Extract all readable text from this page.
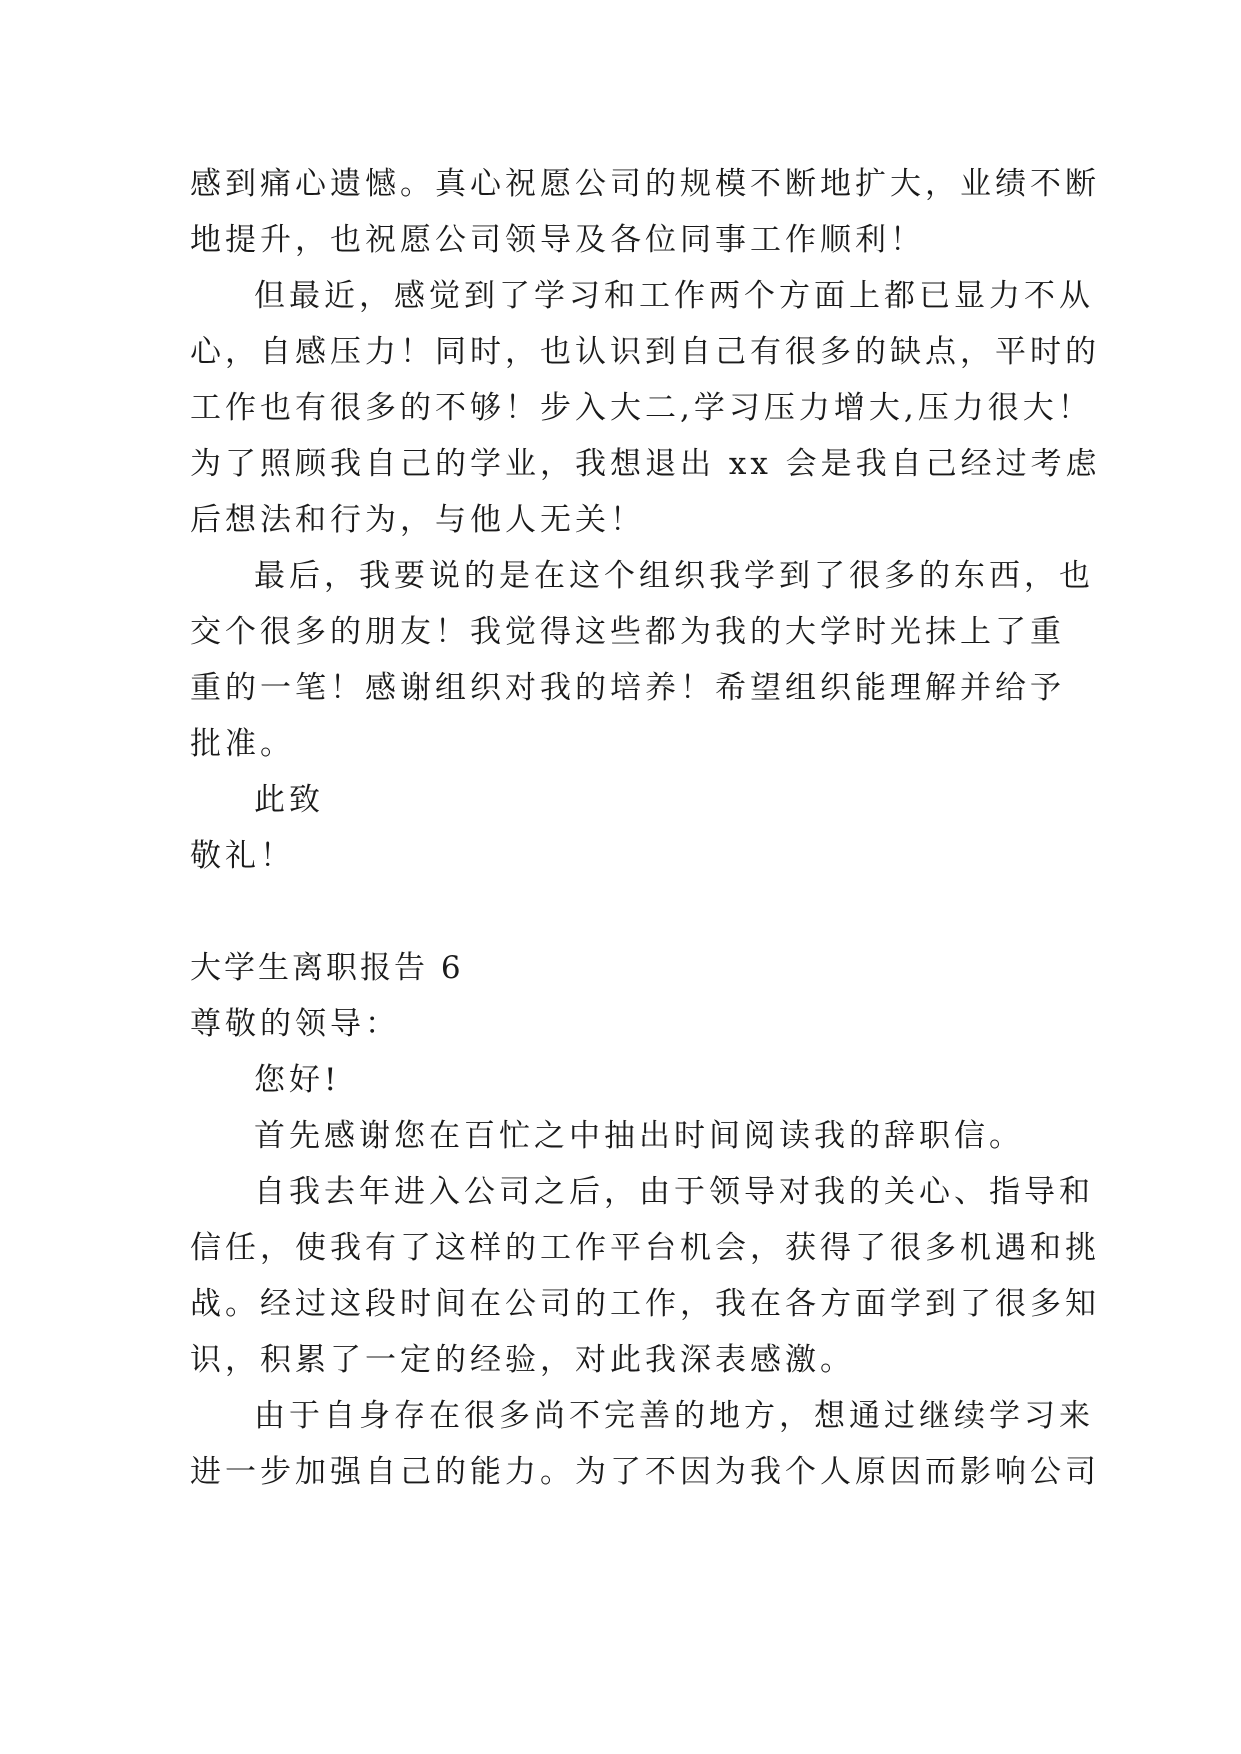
感到痛心遗憾。真心祝愿公司的规模不断地扩大，业绩不断
地提升，也祝愿公司领导及各位同事工作顺利！
但最近，感觉到了学习和工作两个方面上都已显力不从
心，自感压力！同时，也认识到自己有很多的缺点，平时的
工作也有很多的不够！步入大二,学习压力增大,压力很大！
为了照顾我自己的学业，我想退出 xx 会是我自己经过考虑
后想法和行为，与他人无关！
最后，我要说的是在这个组织我学到了很多的东西，也
交个很多的朋友！我觉得这些都为我的大学时光抹上了重
重的一笔！感谢组织对我的培养！希望组织能理解并给予
批准。
此致
敬礼！
大学生离职报告 6
尊敬的领导：
您好!
首先感谢您在百忙之中抽出时间阅读我的辞职信。
自我去年进入公司之后，由于领导对我的关心、指导和
信任，使我有了这样的工作平台机会，获得了很多机遇和挑
战。经过这段时间在公司的工作，我在各方面学到了很多知
识，积累了一定的经验，对此我深表感激。
由于自身存在很多尚不完善的地方，想通过继续学习来
进一步加强自己的能力。为了不因为我个人原因而影响公司
